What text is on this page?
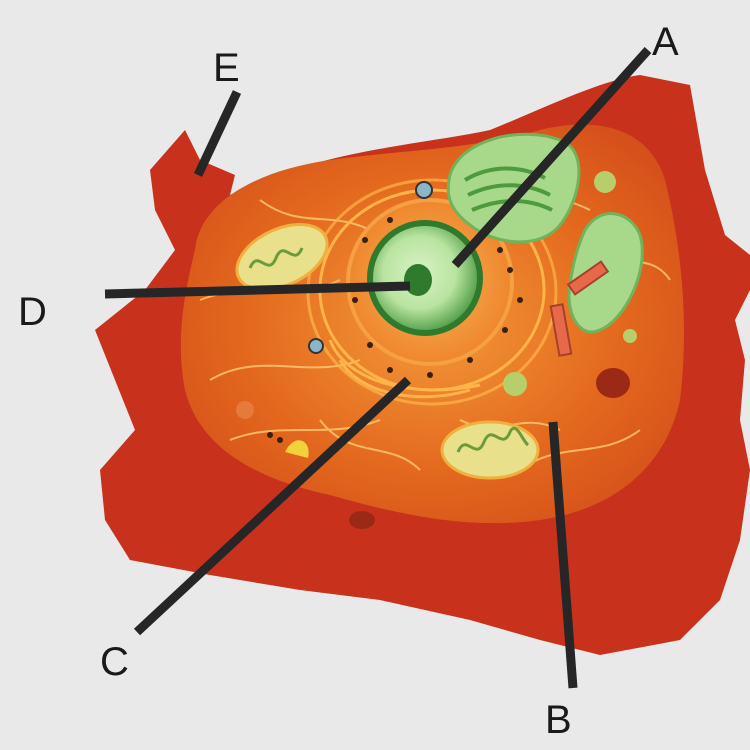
A
E
D
C
B
